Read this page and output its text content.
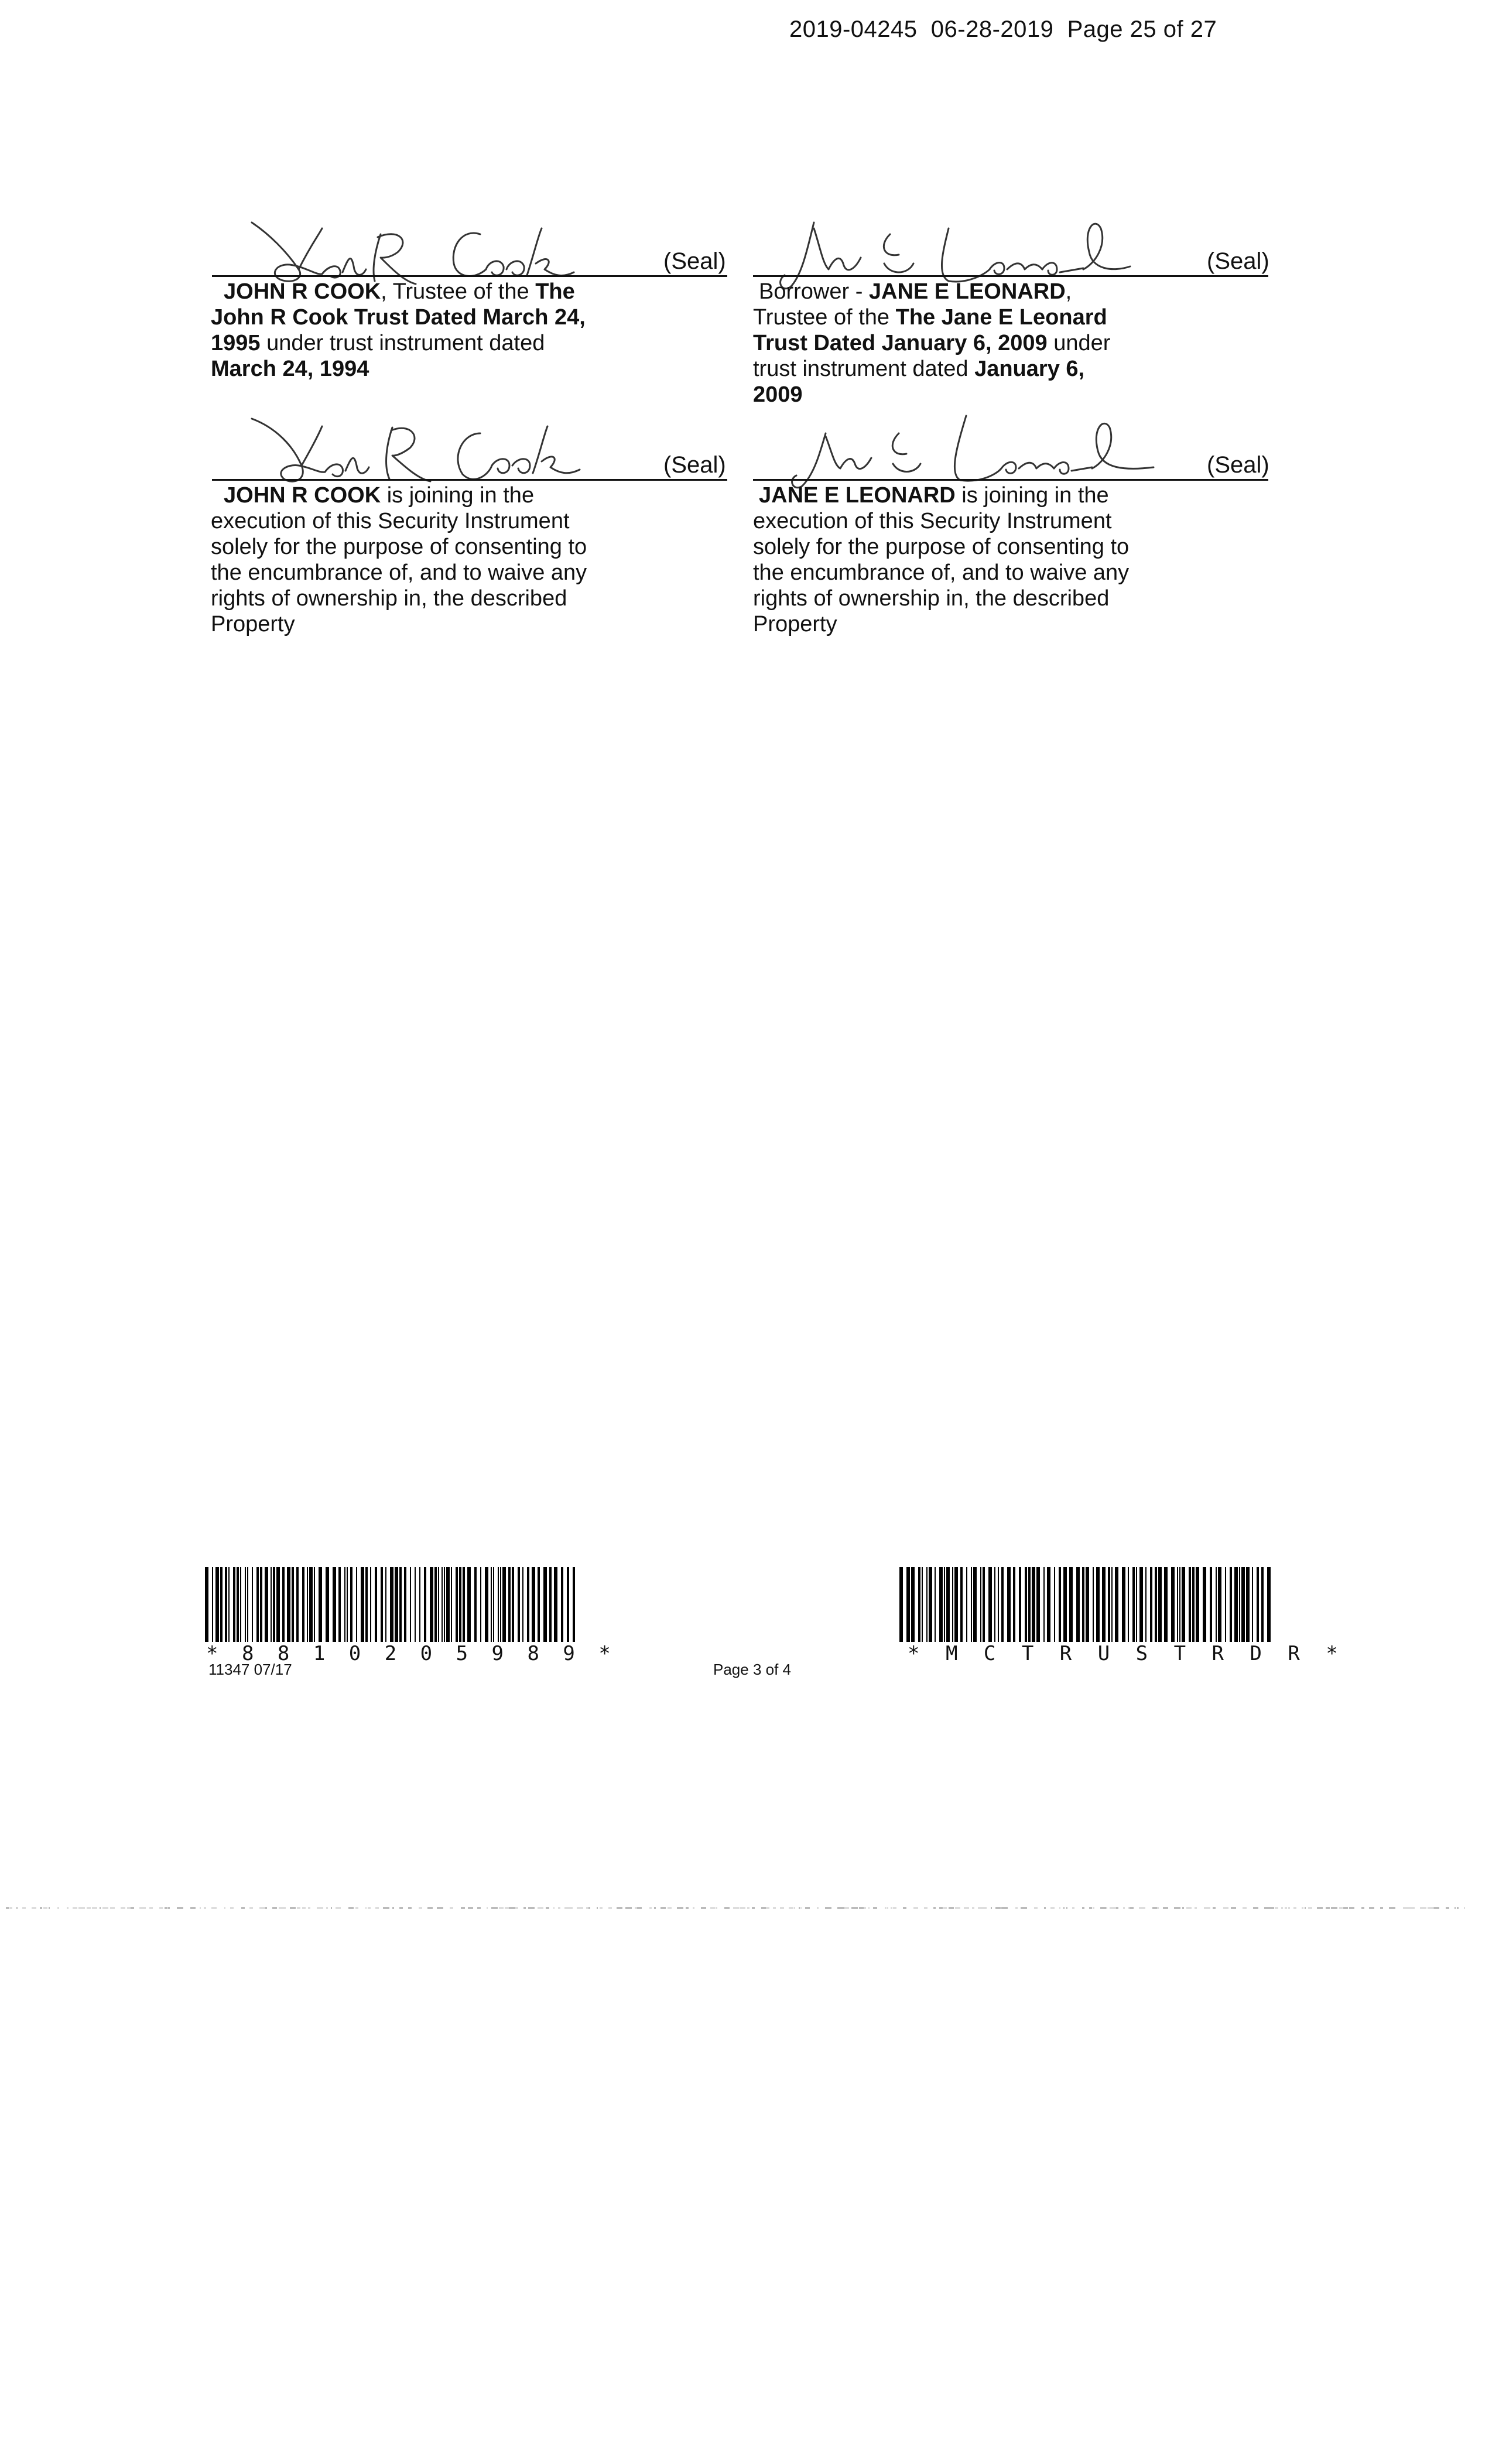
2019-04245 06-28-2019 Page 25 of 27
(Seal)
JOHN R COOK, Trustee of the The John R Cook Trust Dated March 24, 1995 under trust instrument dated March 24, 1994
(Seal)
Borrower - JANE E LEONARD, Trustee of the The Jane E Leonard Trust Dated January 6, 2009 under trust instrument dated January 6, 2009
(Seal)
JOHN R COOK is joining in the execution of this Security Instrument solely for the purpose of consenting to the encumbrance of, and to waive any rights of ownership in, the described Property
(Seal)
JANE E LEONARD is joining in the execution of this Security Instrument solely for the purpose of consenting to the encumbrance of, and to waive any rights of ownership in, the described Property
* 8 8 1 0 2 0 5 9 8 9 *
11347 07/17	Page 3 of 4
* M C T R U S T R D R *
